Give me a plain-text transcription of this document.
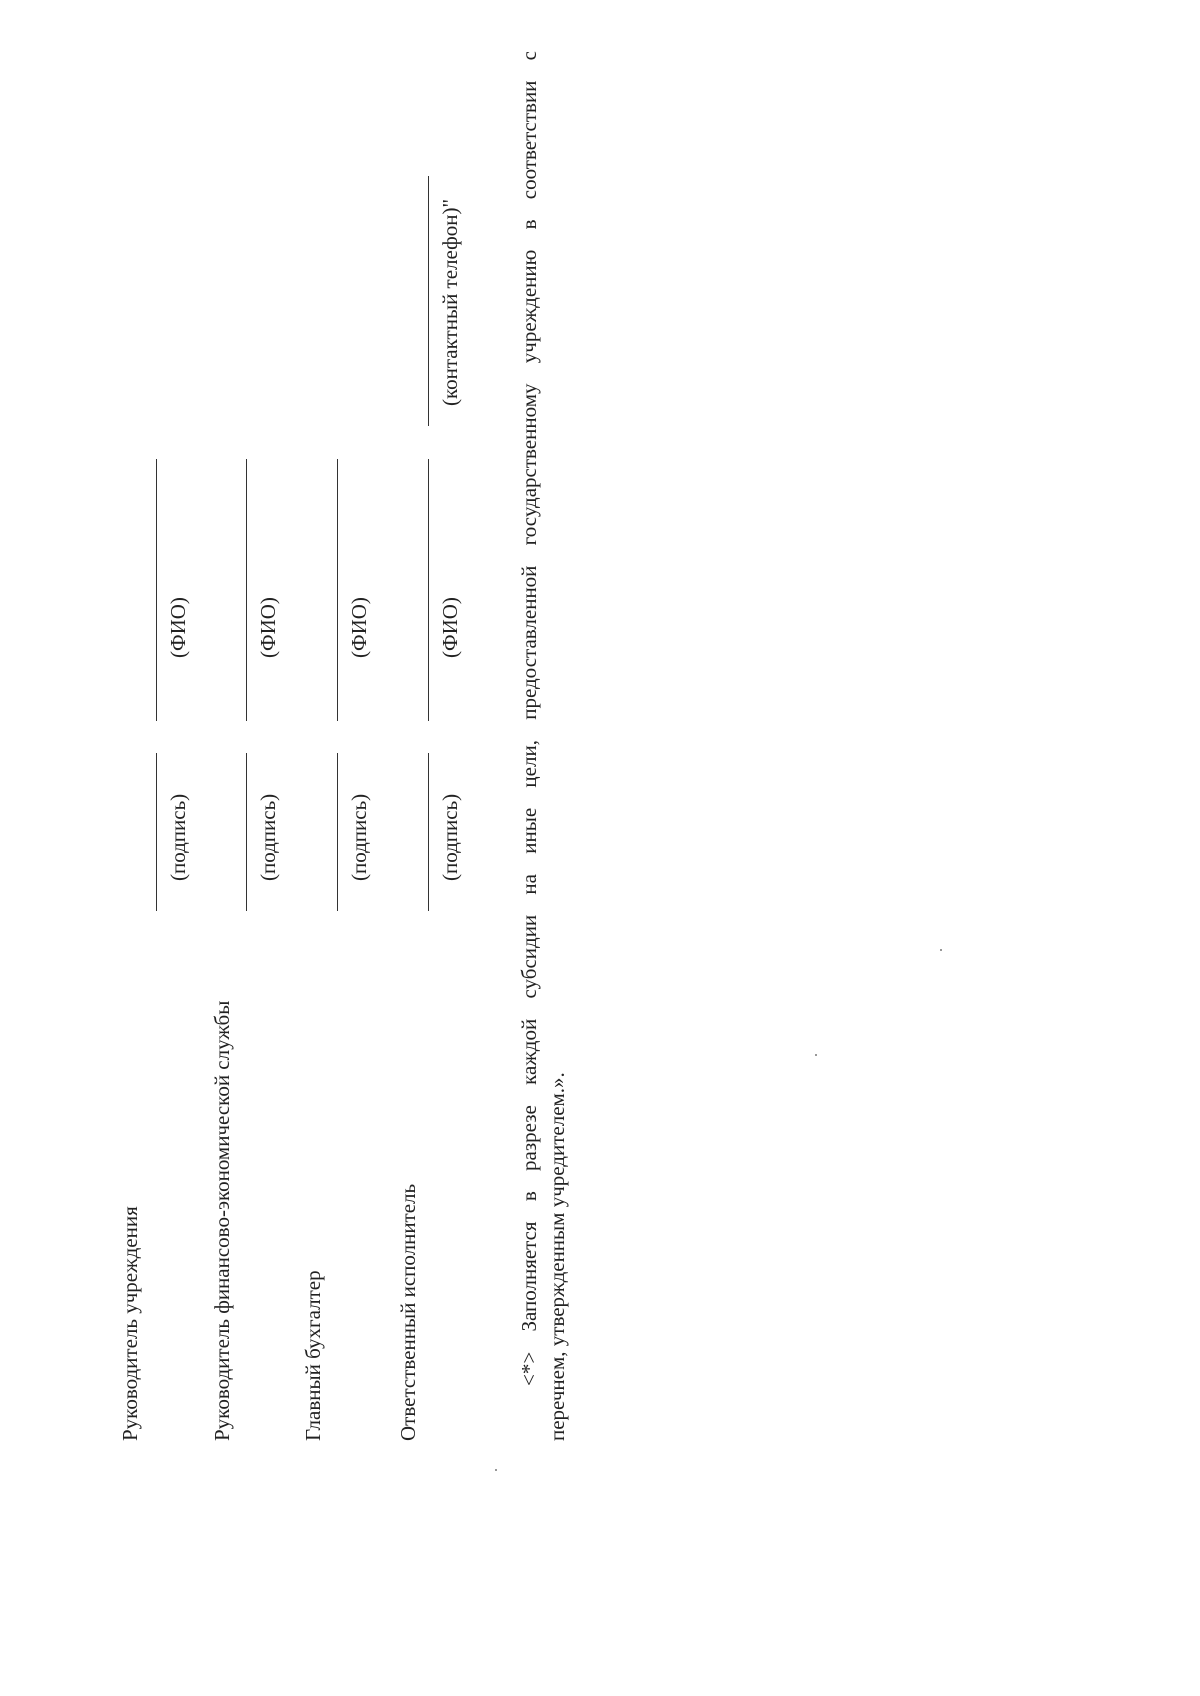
Руководитель учреждения
(подпись)
(ФИО)
Руководитель финансово-экономической службы
(подпись)
(ФИО)
Главный бухгалтер
(подпись)
(ФИО)
Ответственный исполнитель
(подпись)
(ФИО)
(контактный телефон)"	<*> Заполняется в разрезе каждой субсидии на иные цели, предоставленной государственному учреждению в соответствии с перечнем, утвержденным учредителем.».
